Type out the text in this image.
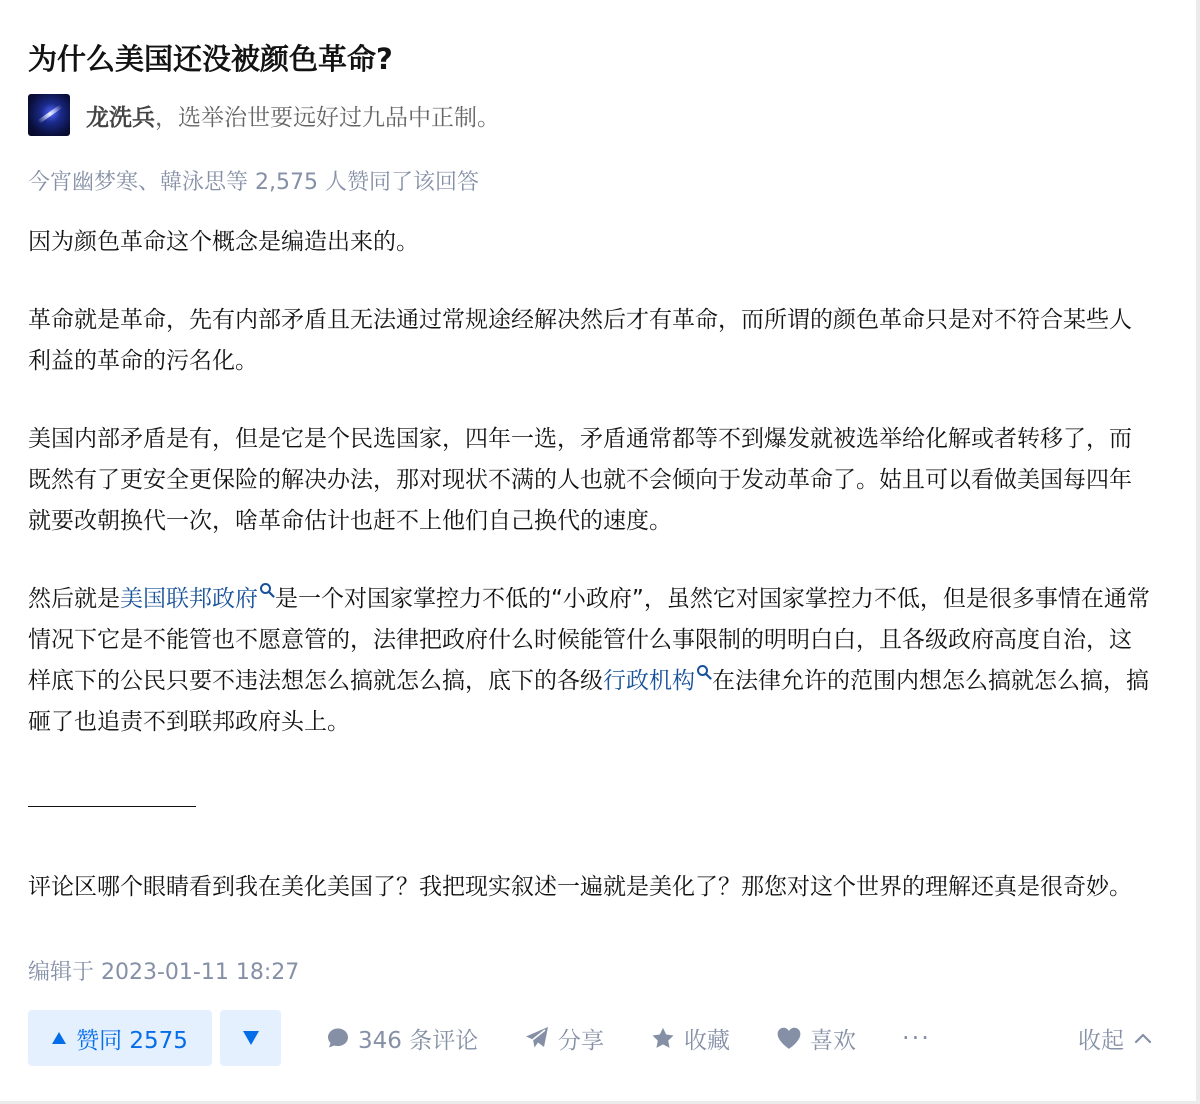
为什么美国还没被颜色革命?
龙洗兵 ，选举治世要远好过九品中正制。
今宵幽梦寒、韓泳思等 2,575 人赞同了该回答

因为颜色革命这个概念是编造出来的。

革命就是革命，先有内部矛盾且无法通过常规途经解决然后才有革命，而所谓的颜色革命只是对不符合某些人利益的革命的污名化。

美国内部矛盾是有，但是它是个民选国家，四年一选，矛盾通常都等不到爆发就被选举给化解或者转移了，而既然有了更安全更保险的解决办法，那对现状不满的人也就不会倾向于发动革命了。姑且可以看做美国每四年就要改朝换代一次，啥革命估计也赶不上他们自己换代的速度。

然后就是美国联邦政府 是一个对国家掌控力不低的“小政府”，虽然它对国家掌控力不低，但是很多事情在通常情况下它是不能管也不愿意管的，法律把政府什么时候能管什么事限制的明明白白，且各级政府高度自治，这样底下的公民只要不违法想怎么搞就怎么搞，底下的各级行政机构 在法律允许的范围内想怎么搞就怎么搞，搞砸了也追责不到联邦政府头上。

评论区哪个眼睛看到我在美化美国了？我把现实叙述一遍就是美化了？那您对这个世界的理解还真是很奇妙。

编辑于 2023-01-11 18:27
赞同 2575	346 条评论	分享	收藏	喜欢 ···	收起
